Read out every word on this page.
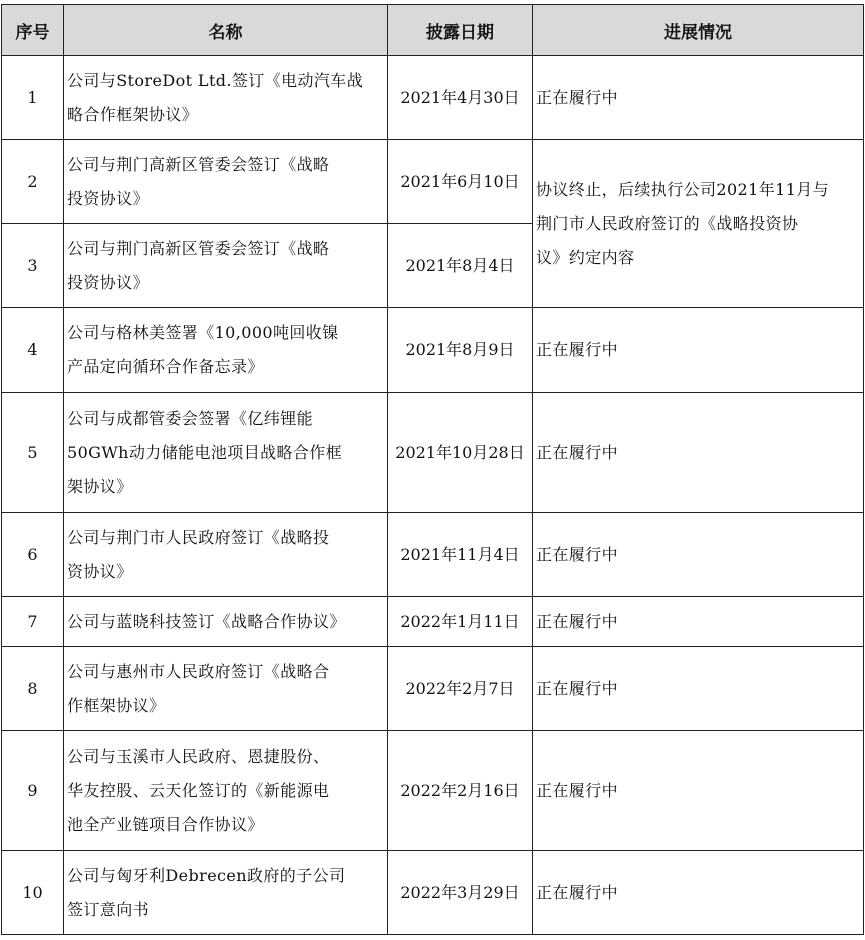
序号	名称	披露日期	进展情况
1	公司与StoreDot Ltd.签订《电动汽车战
略合作框架协议》	2021年4月30日	正在履行中
2	公司与荆门高新区管委会签订《战略
投资协议》	2021年6月10日	协议终止，后续执行公司2021年11月与
荆门市人民政府签订的《战略投资协
议》约定内容
3	公司与荆门高新区管委会签订《战略
投资协议》	2021年8月4日	
4	公司与格林美签署《10,000吨回收镍
产品定向循环合作备忘录》	2021年8月9日	正在履行中
5	公司与成都管委会签署《亿纬锂能
50GWh动力储能电池项目战略合作框
架协议》	2021年10月28日	正在履行中
6	公司与荆门市人民政府签订《战略投
资协议》	2021年11月4日	正在履行中
7	公司与蓝晓科技签订《战略合作协议》	2022年1月11日	正在履行中
8	公司与惠州市人民政府签订《战略合
作框架协议》	2022年2月7日	正在履行中
9	公司与玉溪市人民政府、恩捷股份、
华友控股、云天化签订的《新能源电
池全产业链项目合作协议》	2022年2月16日	正在履行中
10	公司与匈牙利Debrecen政府的子公司
签订意向书	2022年3月29日	正在履行中
